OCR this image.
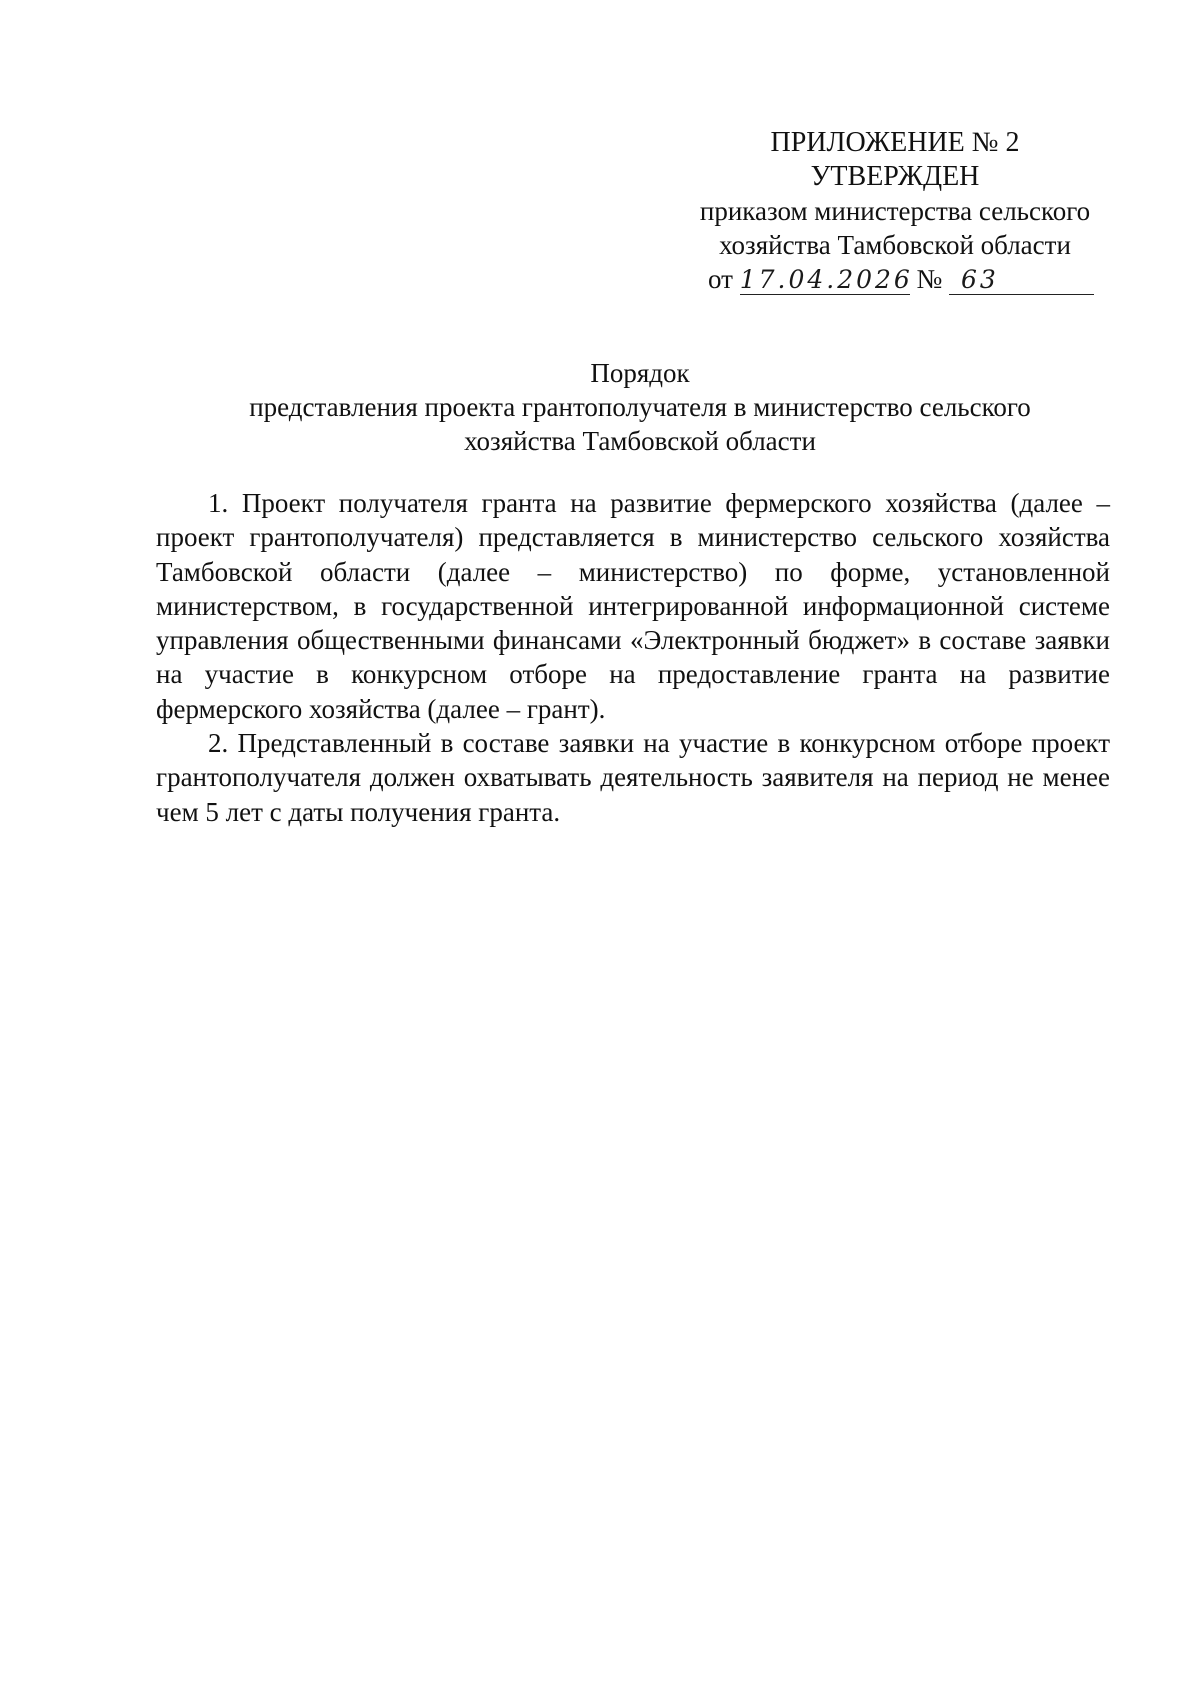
ПРИЛОЖЕНИЕ № 2
УТВЕРЖДЕН
приказом министерства сельского
хозяйства Тамбовской области
от 17.04.2026 № 63
Порядок
представления проекта грантополучателя в министерство сельского
хозяйства Тамбовской области

1. Проект получателя гранта на развитие фермерского хозяйства (далее – проект грантополучателя) представляется в министерство сельского хозяйства Тамбовской области (далее – министерство) по форме, установленной министерством, в государственной интегрированной информационной системе управления общественными финансами «Электронный бюджет» в составе заявки на участие в конкурсном отборе на предоставление гранта на развитие фермерского хозяйства (далее – грант).

2. Представленный в составе заявки на участие в конкурсном отборе проект грантополучателя должен охватывать деятельность заявителя на период не менее чем 5 лет с даты получения гранта.
